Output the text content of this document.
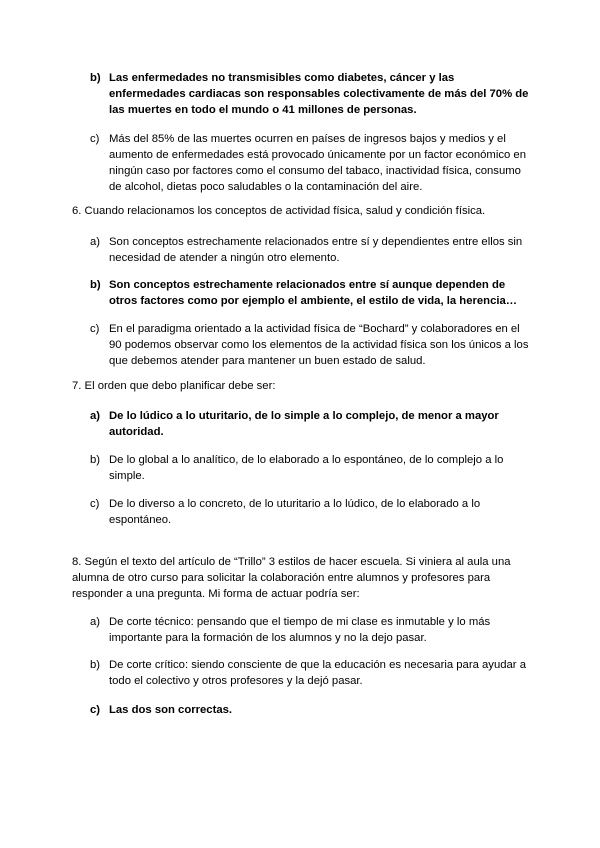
b) Las enfermedades no transmisibles como diabetes, cáncer y las enfermedades cardiacas son responsables colectivamente de más del 70% de las muertes en todo el mundo o 41 millones de personas.
c) Más del 85% de las muertes ocurren en países de ingresos bajos y medios y el aumento de enfermedades está provocado únicamente por un factor económico en ningún caso por factores como el consumo del tabaco, inactividad física, consumo de alcohol, dietas poco saludables o la contaminación del aire.
6. Cuando relacionamos los conceptos de actividad física, salud y condición física.
a) Son conceptos estrechamente relacionados entre sí y dependientes entre ellos sin necesidad de atender a ningún otro elemento.
b) Son conceptos estrechamente relacionados entre sí aunque dependen de otros factores como por ejemplo el ambiente, el estilo de vida, la herencia…
c) En el paradigma orientado a la actividad física de “Bochard” y colaboradores en el 90 podemos observar como los elementos de la actividad física son los únicos a los que debemos atender para mantener un buen estado de salud.
7. El orden que debo planificar debe ser:
a) De lo lúdico a lo uturitario, de lo simple a lo complejo, de menor a mayor autoridad.
b) De lo global a lo analítico, de lo elaborado a lo espontáneo, de lo complejo a lo simple.
c) De lo diverso a lo concreto, de lo uturitario a lo lúdico, de lo elaborado a lo espontáneo.
8. Según el texto del artículo de “Trillo” 3 estilos de hacer escuela. Si viniera al aula una alumna de otro curso para solicitar la colaboración entre alumnos y profesores para responder a una pregunta. Mi forma de actuar podría ser:
a) De corte técnico: pensando que el tiempo de mi clase es inmutable y lo más importante para la formación de los alumnos y no la dejo pasar.
b) De corte crítico: siendo consciente de que la educación es necesaria para ayudar a todo el colectivo y otros profesores y la dejó pasar.
c) Las dos son correctas.
